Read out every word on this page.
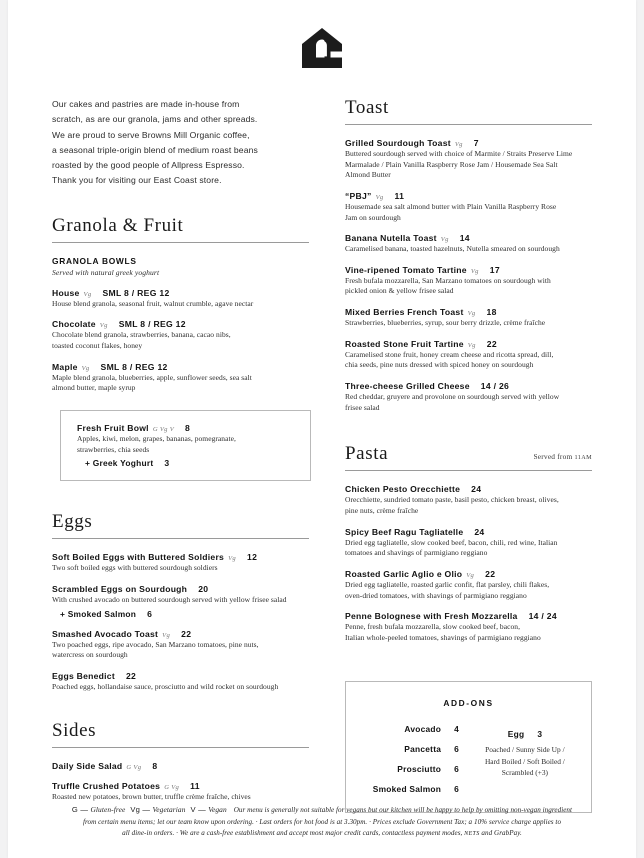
Our cakes and pastries are made in-house from
scratch, as are our granola, jams and other spreads.
We are proud to serve Browns Mill Organic coffee,
a seasonal triple-origin blend of medium roast beans
roasted by the good people of Allpress Espresso.
Thank you for visiting our East Coast store.
Granola & Fruit
GRANOLA BOWLS
Served with natural greek yoghurt
House Vg SML 8 / REG 12
House blend granola, seasonal fruit, walnut crumble, agave nectar
Chocolate Vg SML 8 / REG 12
Chocolate blend granola, strawberries, banana, cacao nibs,
toasted coconut flakes, honey
Maple Vg SML 8 / REG 12
Maple blend granola, blueberries, apple, sunflower seeds, sea salt
almond butter, maple syrup
Fresh Fruit Bowl G Vg V 8
Apples, kiwi, melon, grapes, bananas, pomegranate,
strawberries, chia seeds
+ Greek Yoghurt 3
Eggs
Soft Boiled Eggs with Buttered Soldiers Vg 12
Two soft boiled eggs with buttered sourdough soldiers
Scrambled Eggs on Sourdough 20
With crushed avocado on buttered sourdough served with yellow frisee salad
+ Smoked Salmon 6
Smashed Avocado Toast Vg 22
Two poached eggs, ripe avocado, San Marzano tomatoes, pine nuts,
watercress on sourdough
Eggs Benedict 22
Poached eggs, hollandaise sauce, prosciutto and wild rocket on sourdough
Sides
Daily Side Salad G Vg 8
Truffle Crushed Potatoes G Vg 11
Roasted new potatoes, brown butter, truffle crème fraîche, chives
Toast
Grilled Sourdough Toast Vg 7
Buttered sourdough served with choice of Marmite / Straits Preserve Lime
Marmalade / Plain Vanilla Raspberry Rose Jam / Housemade Sea Salt
Almond Butter
“PBJ” Vg 11
Housemade sea salt almond butter with Plain Vanilla Raspberry Rose
Jam on sourdough
Banana Nutella Toast Vg 14
Caramelised banana, toasted hazelnuts, Nutella smeared on sourdough
Vine-ripened Tomato Tartine Vg 17
Fresh bufala mozzarella, San Marzano tomatoes on sourdough with
pickled onion & yellow frisee salad
Mixed Berries French Toast Vg 18
Strawberries, blueberries, syrup, sour berry drizzle, crème fraîche
Roasted Stone Fruit Tartine Vg 22
Caramelised stone fruit, honey cream cheese and ricotta spread, dill,
chia seeds, pine nuts dressed with spiced honey on sourdough
Three-cheese Grilled Cheese 14 / 26
Red cheddar, gruyere and provolone on sourdough served with yellow
frisee salad
Pasta	Served from 11AM
Chicken Pesto Orecchiette 24
Orecchiette, sundried tomato paste, basil pesto, chicken breast, olives,
pine nuts, crème fraîche
Spicy Beef Ragu Tagliatelle 24
Dried egg tagliatelle, slow cooked beef, bacon, chili, red wine, Italian
tomatoes and shavings of parmigiano reggiano
Roasted Garlic Aglio e Olio Vg 22
Dried egg tagliatelle, roasted garlic confit, flat parsley, chili flakes,
oven-dried tomatoes, with shavings of parmigiano reggiano
Penne Bolognese with Fresh Mozzarella 14 / 24
Penne, fresh bufala mozzarella, slow cooked beef, bacon,
Italian whole-peeled tomatoes, shavings of parmigiano reggiano
ADD-ONS
Avocado 4
Pancetta 6
Prosciutto 6
Smoked Salmon 6
Egg 3
Poached / Sunny Side Up /
Hard Boiled / Soft Boiled /
Scrambled (+3)
G — Gluten-free Vg — Vegetarian V — Vegan Our menu is generally not suitable for vegans but our kitchen will be happy to help by omitting non-vegan ingredient
from certain menu items; let our team know upon ordering. · Last orders for hot food is at 3.30pm. · Prices exclude Government Tax; a 10% service charge applies to
all dine-in orders. · We are a cash-free establishment and accept most major credit cards, contactless payment modes, NETS and GrabPay.
